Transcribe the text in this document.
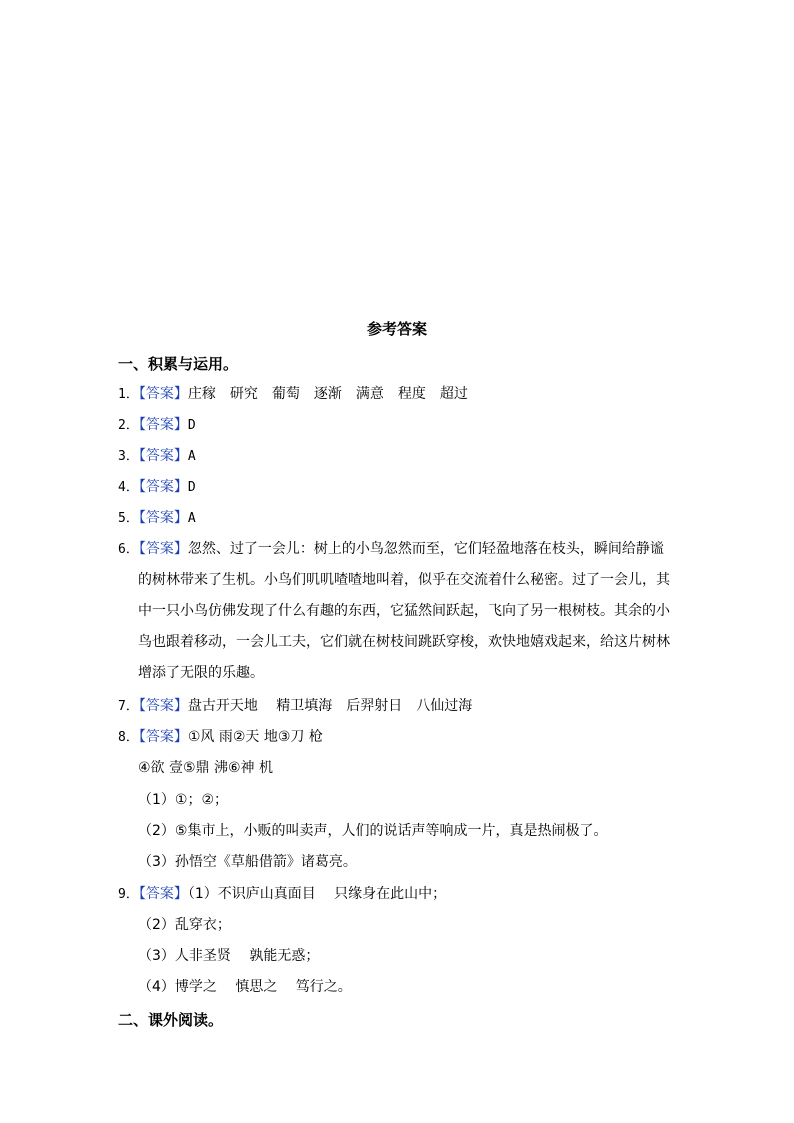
参考答案
一、积累与运用。
1．【答案】庄稼　研究　葡萄　逐渐　满意　程度　超过
2．【答案】D
3．【答案】A
4．【答案】D
5．【答案】A
6．【答案】忽然、过了一会儿：树上的小鸟忽然而至，它们轻盈地落在枝头，瞬间给静谧
的树林带来了生机。小鸟们叽叽喳喳地叫着，似乎在交流着什么秘密。过了一会儿，其
中一只小鸟仿佛发现了什么有趣的东西，它猛然间跃起，飞向了另一根树枝。其余的小
鸟也跟着移动，一会儿工夫，它们就在树枝间跳跃穿梭，欢快地嬉戏起来，给这片树林
增添了无限的乐趣。
7．【答案】盘古开天地　 精卫填海　后羿射日　八仙过海
8．【答案】①风 雨②天 地③刀 枪
④欲 壹⑤鼎 沸⑥神 机
（1）①；②；
（2）⑤集市上，小贩的叫卖声，人们的说话声等响成一片，真是热闹极了。
（3）孙悟空《草船借箭》诸葛亮。
9．【答案】（1）不识庐山真面目　 只缘身在此山中；
（2）乱穿衣；
（3）人非圣贤　 孰能无惑；
（4）博学之　 慎思之　 笃行之。
二、课外阅读。
